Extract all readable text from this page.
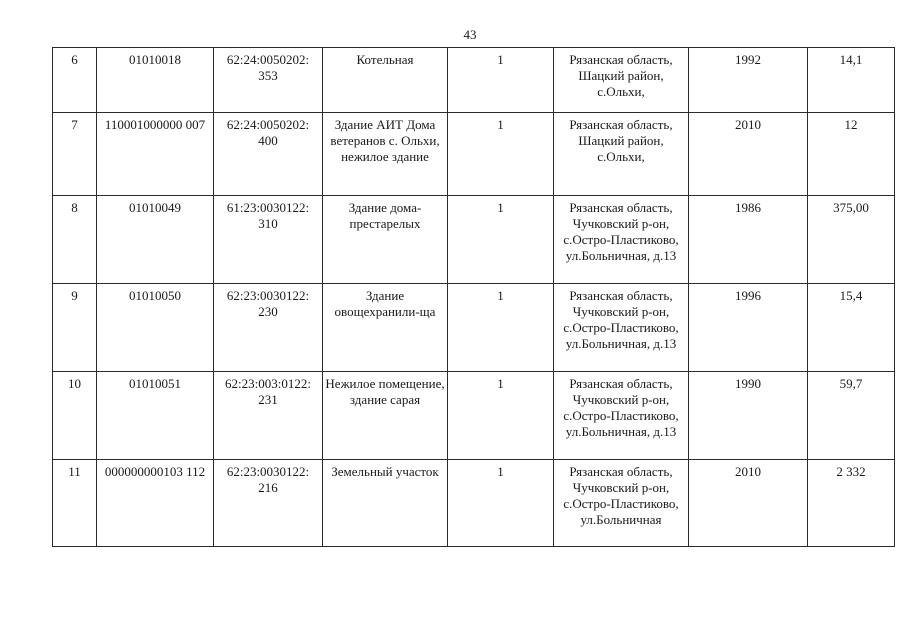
43
6	01010018	62:24:0050202: 353	Котельная	1	Рязанская область, Шацкий район, с.Ольхи,	1992	14,1
7	110001000000 007	62:24:0050202: 400	Здание АИТ Дома ветеранов с. Ольхи, нежилое здание	1	Рязанская область, Шацкий район, с.Ольхи,	2010	12
8	01010049	61:23:0030122: 310	Здание дома-престарелых	1	Рязанская область, Чучковский р-он, с.Остро-Пластиково, ул.Больничная, д.13	1986	375,00
9	01010050	62:23:0030122: 230	Здание овощехранили-ща	1	Рязанская область, Чучковский р-он, с.Остро-Пластиково, ул.Больничная, д.13	1996	15,4
10	01010051	62:23:003:0122: 231	Нежилое помещение, здание сарая	1	Рязанская область, Чучковский р-он, с.Остро-Пластиково, ул.Больничная, д.13	1990	59,7
11	000000000103 112	62:23:0030122: 216	Земельный участок	1	Рязанская область, Чучковский р-он, с.Остро-Пластиково, ул.Больничная	2010	2 332
